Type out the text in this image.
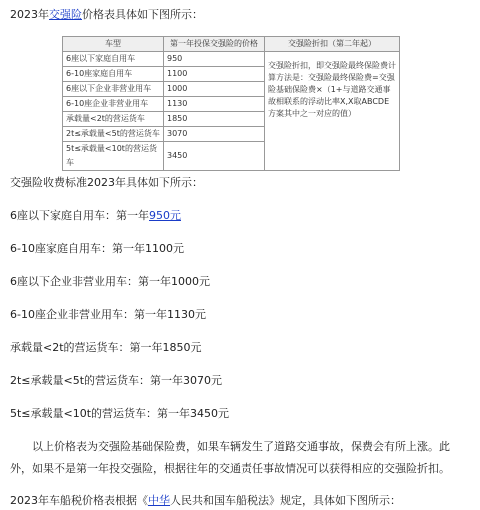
2023年交强险价格表具体如下图所示：

车型	第一年投保交强险的价格	交强险折扣（第二年起）
6座以下家庭自用车	950	交强险折扣，即交强险最终保险费计算方法是：交强险最终保险费=交强险基础保险费×（1+与道路交通事故相联系的浮动比率X,X取ABCDE方案其中之一对应的值）
6-10座家庭自用车	1100	
6座以下企业非营业用车	1000	
6-10座企业非营业用车	1130	
承载量<2t的营运货车	1850	
2t≤承载量<5t的营运货车	3070	
5t≤承载量<10t的营运货车	3450	

交强险收费标准2023年具体如下所示：

6座以下家庭自用车：第一年950元

6-10座家庭自用车：第一年1100元

6座以下企业非营业用车：第一年1000元

6-10座企业非营业用车：第一年1130元

承载量<2t的营运货车：第一年1850元

2t≤承载量<5t的营运货车：第一年3070元

5t≤承载量<10t的营运货车：第一年3450元

以上价格表为交强险基础保险费，如果车辆发生了道路交通事故，保费会有所上涨。此外，如果不是第一年投交强险，根据往年的交通责任事故情况可以获得相应的交强险折扣。

2023年车船税价格表根据《中华人民共和国车船税法》规定，具体如下图所示：
